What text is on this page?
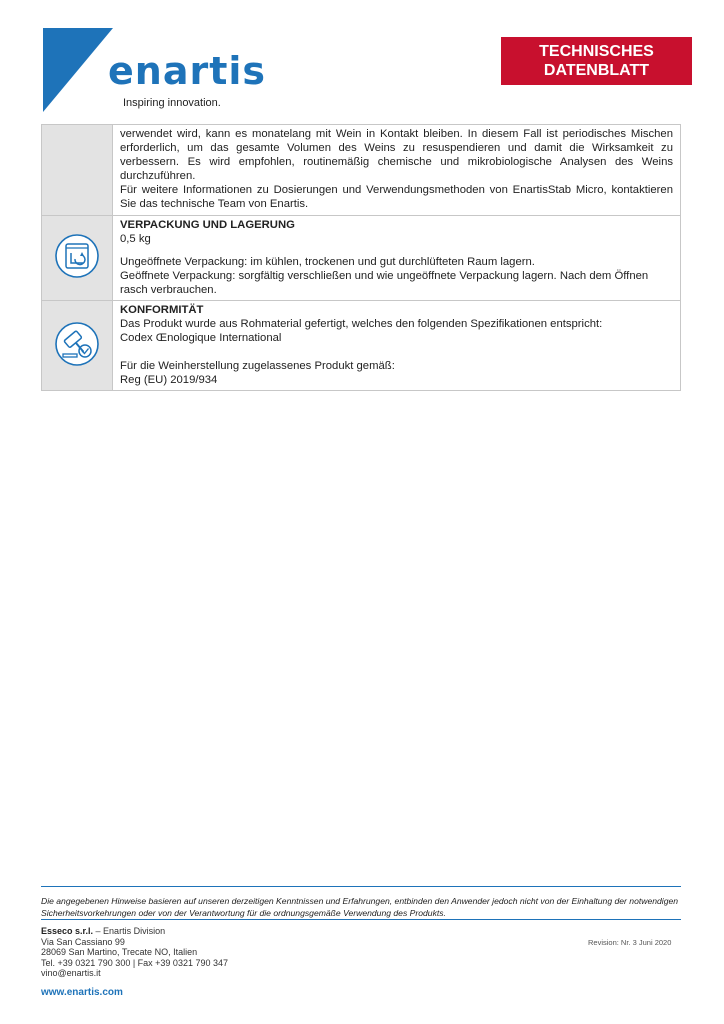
enartis
Inspiring innovation.
TECHNISCHES
DATENBLATT

	verwendet wird, kann es monatelang mit Wein in Kontakt bleiben. In diesem Fall ist periodisches Mischen erforderlich, um das gesamte Volumen des Weins zu resuspendieren und damit die Wirksamkeit zu verbessern. Es wird empfohlen, routinemäßig chemische und mikrobiologische Analysen des Weins durchzuführen.

Für weitere Informationen zu Dosierungen und Verwendungsmethoden von EnartisStab Micro, kontaktieren Sie das technische Team von Enartis.

VERPACKUNG UND LAGERUNG

0,5 kg

Ungeöffnete Verpackung: im kühlen, trockenen und gut durchlüfteten Raum lagern.

Geöffnete Verpackung: sorgfältig verschließen und wie ungeöffnete Verpackung lagern. Nach dem Öffnen rasch verbrauchen.

KONFORMITÄT

Das Produkt wurde aus Rohmaterial gefertigt, welches den folgenden Spezifikationen entspricht:

Codex Œnologique International

Für die Weinherstellung zugelassenes Produkt gemäß:

Reg (EU) 2019/934

Die angegebenen Hinweise basieren auf unseren derzeitigen Kenntnissen und Erfahrungen, entbinden den Anwender jedoch nicht von der Einhaltung der notwendigen Sicherheitsvorkehrungen oder von der Verantwortung für die ordnungsgemäße Verwendung des Produkts.
Esseco s.r.l. – Enartis Division
Via San Cassiano 99
28069 San Martino, Trecate NO, Italien
Tel. +39 0321 790 300 | Fax +39 0321 790 347
vino@enartis.it
Revision: Nr. 3 Juni 2020
www.enartis.com
